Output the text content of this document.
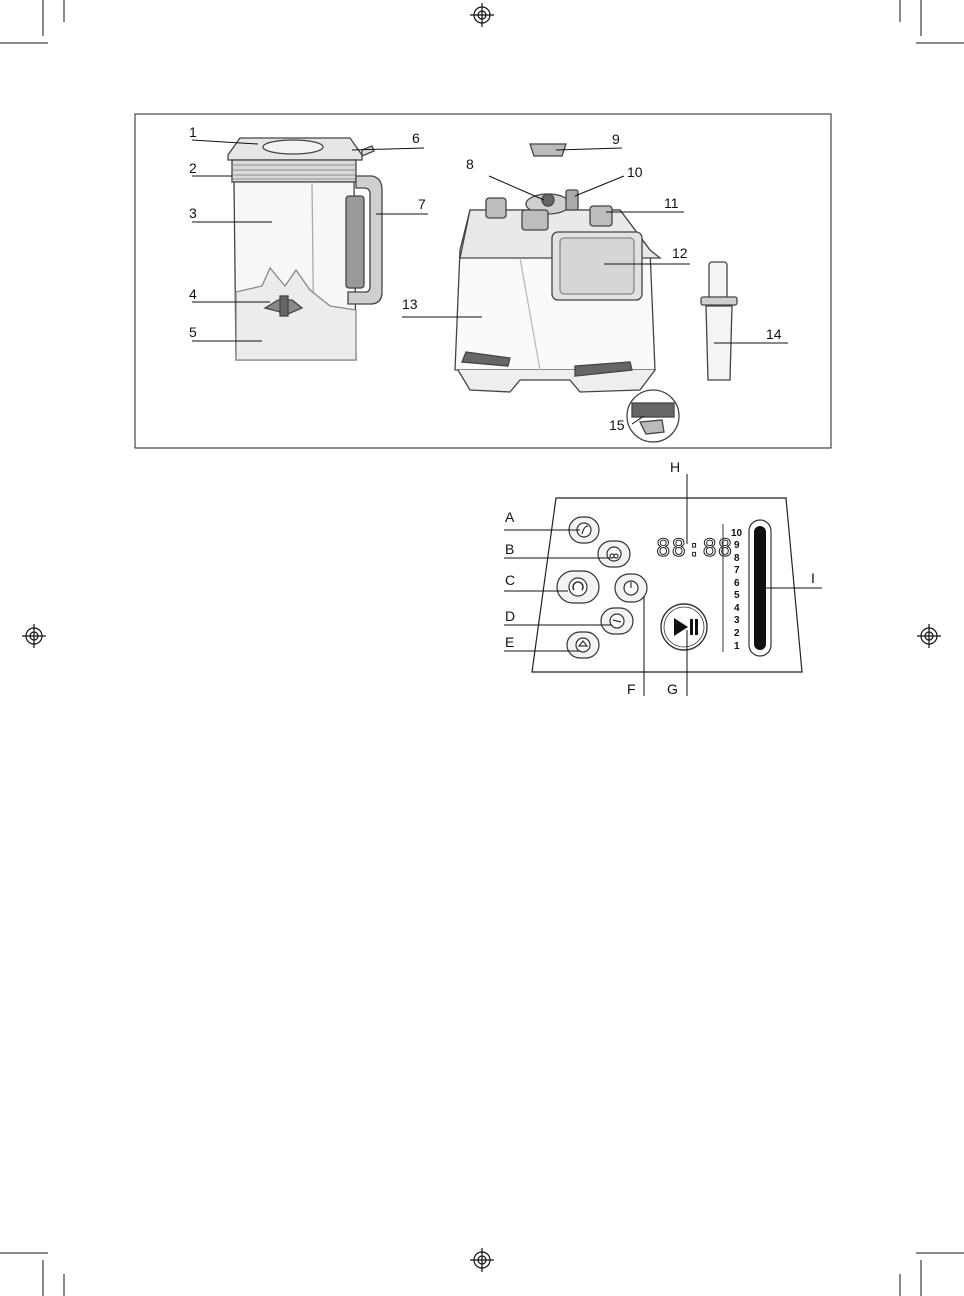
1
2
3
4
5
6
7
8
9
10
11
12
13
14
15
88:88
10
9
8
7
6
5
4
3
2
1
A
B
C
D
E
F G
H
I
